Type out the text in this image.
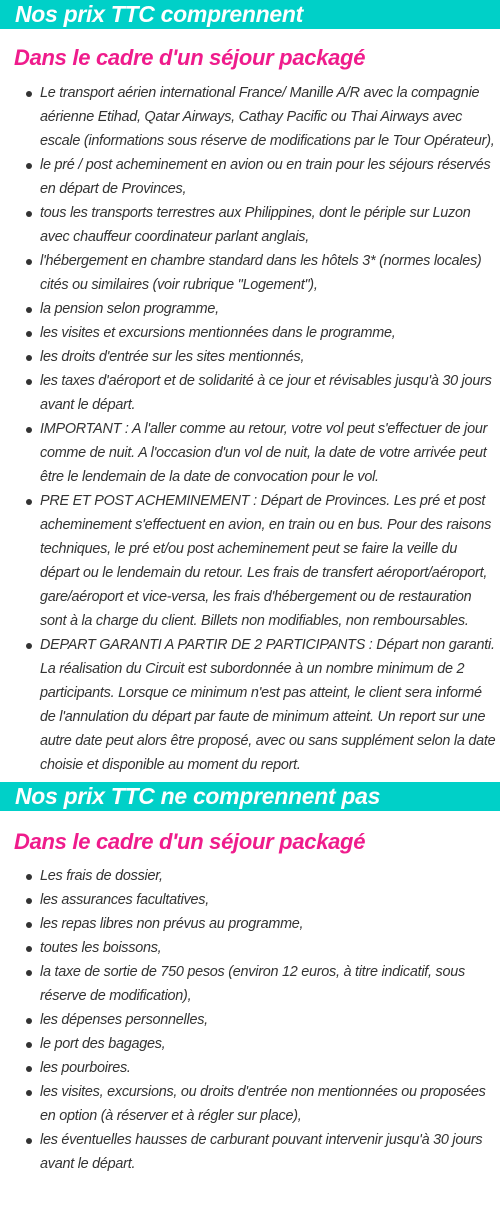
Nos prix TTC comprennent
Dans le cadre d'un séjour packagé
Le transport aérien international France/ Manille A/R avec la compagnie aérienne Etihad, Qatar Airways, Cathay Pacific ou Thai Airways avec escale (informations sous réserve de modifications par le Tour Opérateur),
le pré / post acheminement en avion ou en train pour les séjours réservés en départ de Provinces,
tous les transports terrestres aux Philippines, dont le périple sur Luzon avec chauffeur coordinateur parlant anglais,
l'hébergement en chambre standard dans les hôtels 3* (normes locales) cités ou similaires (voir rubrique "Logement"),
la pension selon programme,
les visites et excursions mentionnées dans le programme,
les droits d'entrée sur les sites mentionnés,
les taxes d'aéroport et de solidarité à ce jour et révisables jusqu'à 30 jours avant le départ.
IMPORTANT : A l'aller comme au retour, votre vol peut s'effectuer de jour comme de nuit. A l'occasion d'un vol de nuit, la date de votre arrivée peut être le lendemain de la date de convocation pour le vol.
PRE ET POST ACHEMINEMENT : Départ de Provinces. Les pré et post acheminement s'effectuent en avion, en train ou en bus. Pour des raisons techniques, le pré et/ou post acheminement peut se faire la veille du départ ou le lendemain du retour. Les frais de transfert aéroport/aéroport, gare/aéroport et vice-versa, les frais d'hébergement ou de restauration sont à la charge du client. Billets non modifiables, non remboursables.
DEPART GARANTI A PARTIR DE 2 PARTICIPANTS : Départ non garanti. La réalisation du Circuit est subordonnée à un nombre minimum de 2 participants. Lorsque ce minimum n'est pas atteint, le client sera informé de l'annulation du départ par faute de minimum atteint. Un report sur une autre date peut alors être proposé, avec ou sans supplément selon la date choisie et disponible au moment du report.
Nos prix TTC ne comprennent pas
Dans le cadre d'un séjour packagé
Les frais de dossier,
les assurances facultatives,
les repas libres non prévus au programme,
toutes les boissons,
la taxe de sortie de 750 pesos (environ 12 euros, à titre indicatif, sous réserve de modification),
les dépenses personnelles,
le port des bagages,
les pourboires.
les visites, excursions, ou droits d'entrée non mentionnées ou proposées en option (à réserver et à régler sur place),
les éventuelles hausses de carburant pouvant intervenir jusqu'à 30 jours avant le départ.
